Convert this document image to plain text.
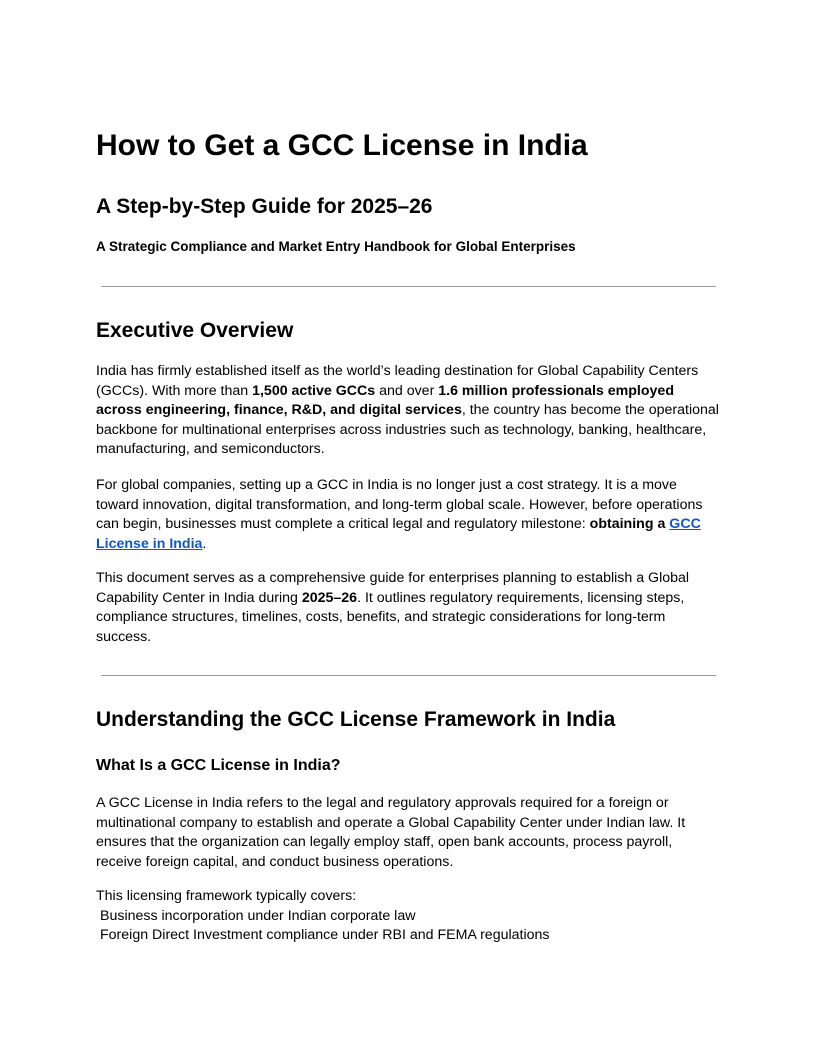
How to Get a GCC License in India
A Step-by-Step Guide for 2025–26
A Strategic Compliance and Market Entry Handbook for Global Enterprises
Executive Overview

India has firmly established itself as the world’s leading destination for Global Capability Centers (GCCs). With more than 1,500 active GCCs and over 1.6 million professionals employed across engineering, finance, R&D, and digital services, the country has become the operational backbone for multinational enterprises across industries such as technology, banking, healthcare, manufacturing, and semiconductors.

For global companies, setting up a GCC in India is no longer just a cost strategy. It is a move toward innovation, digital transformation, and long-term global scale. However, before operations can begin, businesses must complete a critical legal and regulatory milestone: obtaining a GCC License in India.

This document serves as a comprehensive guide for enterprises planning to establish a Global Capability Center in India during 2025–26. It outlines regulatory requirements, licensing steps, compliance structures, timelines, costs, benefits, and strategic considerations for long-term success.

Understanding the GCC License Framework in India
What Is a GCC License in India?

A GCC License in India refers to the legal and regulatory approvals required for a foreign or multinational company to establish and operate a Global Capability Center under Indian law. It ensures that the organization can legally employ staff, open bank accounts, process payroll, receive foreign capital, and conduct business operations.

This licensing framework typically covers:
Business incorporation under Indian corporate law
Foreign Direct Investment compliance under RBI and FEMA regulations
